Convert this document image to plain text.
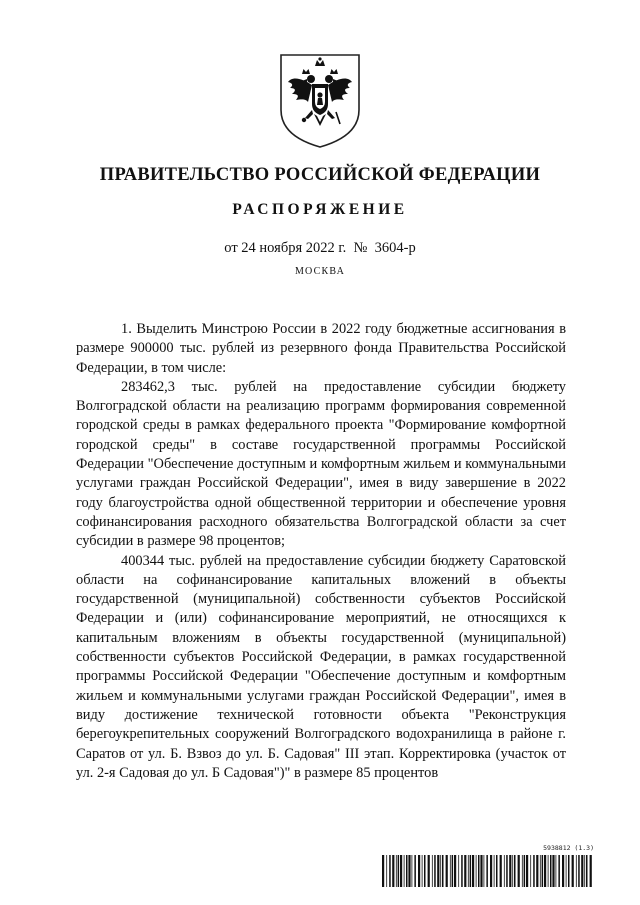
ПРАВИТЕЛЬСТВО РОССИЙСКОЙ ФЕДЕРАЦИИ
РАСПОРЯЖЕНИЕ
от 24 ноября 2022 г.  №  3604-р
МОСКВА

1. Выделить Минстрою России в 2022 году бюджетные ассигнования в размере 900000 тыс. рублей из резервного фонда Правительства Российской Федерации, в том числе:

283462,3 тыс. рублей на предоставление субсидии бюджету Волгоградской области на реализацию программ формирования современной городской среды в рамках федерального проекта "Формирование комфортной городской среды" в составе государственной программы Российской Федерации "Обеспечение доступным и комфортным жильем и коммунальными услугами граждан Российской Федерации", имея в виду завершение в 2022 году благоустройства одной общественной территории и обеспечение уровня софинансирования расходного обязательства Волгоградской области за счет субсидии в размере 98 процентов;

400344 тыс. рублей на предоставление субсидии бюджету Саратовской области на софинансирование капитальных вложений в объекты государственной (муниципальной) собственности субъектов Российской Федерации и (или) софинансирование мероприятий, не относящихся к капитальным вложениям в объекты государственной (муниципальной) собственности субъектов Российской Федерации, в рамках государственной программы Российской Федерации "Обеспечение доступным и комфортным жильем и коммунальными услугами граждан Российской Федерации", имея в виду достижение технической готовности объекта "Реконструкция берегоукрепительных сооружений Волгоградского водохранилища в районе г. Саратов от ул. Б. Взвоз до ул. Б. Садовая" III этап. Корректировка (участок от ул. 2-я Садовая до ул. Б Садовая")" в размере 85 процентов

5938812 (1.3)
